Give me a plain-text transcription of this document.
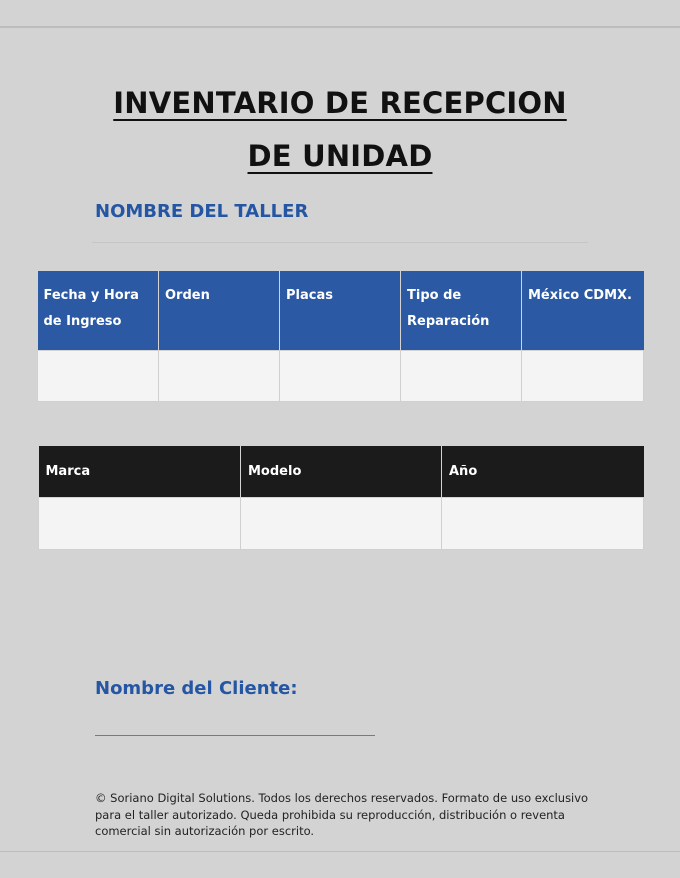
INVENTARIO DE RECEPCION
DE UNIDAD
NOMBRE DEL TALLER
Fecha y Hora de Ingreso	Orden	Placas	Tipo de Reparación	México CDMX.

Marca	Modelo	Año

Nombre del Cliente:
© Soriano Digital Solutions. Todos los derechos reservados. Formato de uso exclusivo para el taller autorizado. Queda prohibida su reproducción, distribución o reventa comercial sin autorización por escrito.
